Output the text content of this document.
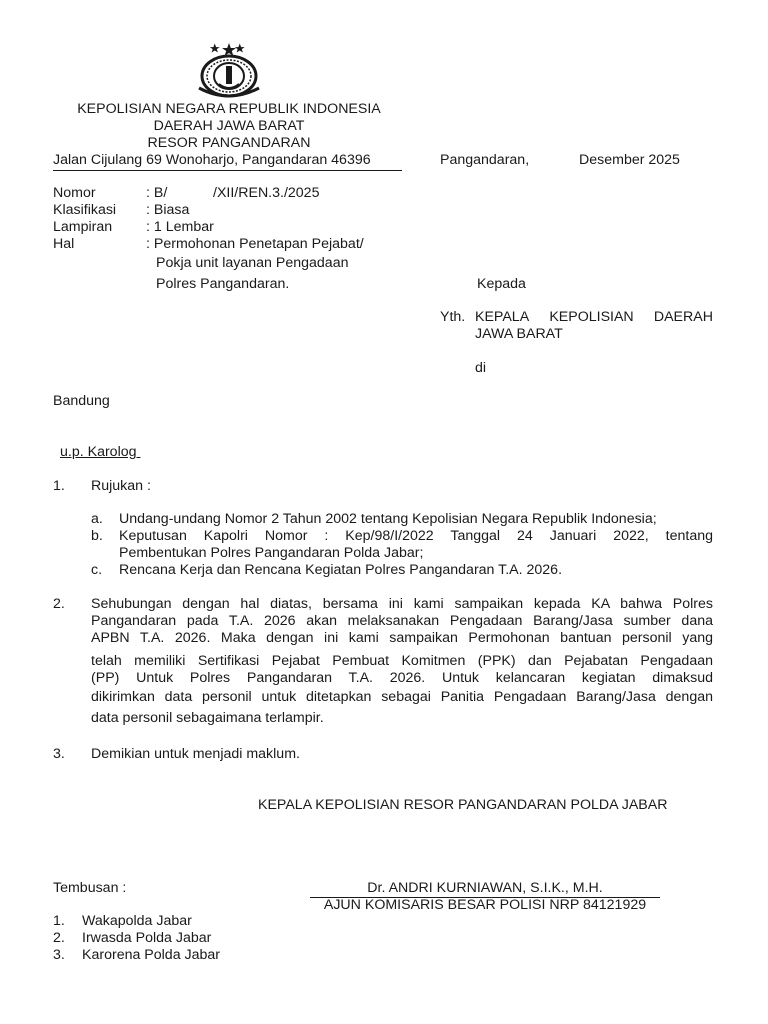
KEPOLISIAN NEGARA REPUBLIK INDONESIA
DAERAH JAWA BARAT
RESOR PANGANDARAN
Jalan Cijulang 69 Wonoharjo, Pangandaran 46396	Pangandaran,	Desember 2025
Nomor	: B/	/XII/REN.3./2025
Klasifikasi : Biasa
Lampiran : 1 Lembar
Hal	: Permohonan Penetapan Pejabat/
Pokja unit layanan Pengadaan
Polres Pangandaran.	Kepada
Yth. KEPALA KEPOLISIAN DAERAH
JAWA BARAT
di
Bandung
u.p. Karolog
1. Rujukan :
a. Undang-undang Nomor 2 Tahun 2002 tentang Kepolisian Negara Republik Indonesia;
b. Keputusan Kapolri Nomor : Kep/98/I/2022 Tanggal 24 Januari 2022, tentang
Pembentukan Polres Pangandaran Polda Jabar;
c. Rencana Kerja dan Rencana Kegiatan Polres Pangandaran T.A. 2026.
2. Sehubungan dengan hal diatas, bersama ini kami sampaikan kepada KA bahwa Polres
Pangandaran pada T.A. 2026 akan melaksanakan Pengadaan Barang/Jasa sumber dana
APBN T.A. 2026. Maka dengan ini kami sampaikan Permohonan bantuan personil yang
telah memiliki Sertifikasi Pejabat Pembuat Komitmen (PPK) dan Pejabatan Pengadaan
(PP) Untuk Polres Pangandaran T.A. 2026. Untuk kelancaran kegiatan dimaksud
dikirimkan data personil untuk ditetapkan sebagai Panitia Pengadaan Barang/Jasa dengan
data personil sebagaimana terlampir.
3. Demikian untuk menjadi maklum.
KEPALA KEPOLISIAN RESOR PANGANDARAN POLDA JABAR
Dr. ANDRI KURNIAWAN, S.I.K., M.H.
AJUN KOMISARIS BESAR POLISI NRP 84121929
Tembusan :
1. Wakapolda Jabar
2. Irwasda Polda Jabar
3. Karorena Polda Jabar
